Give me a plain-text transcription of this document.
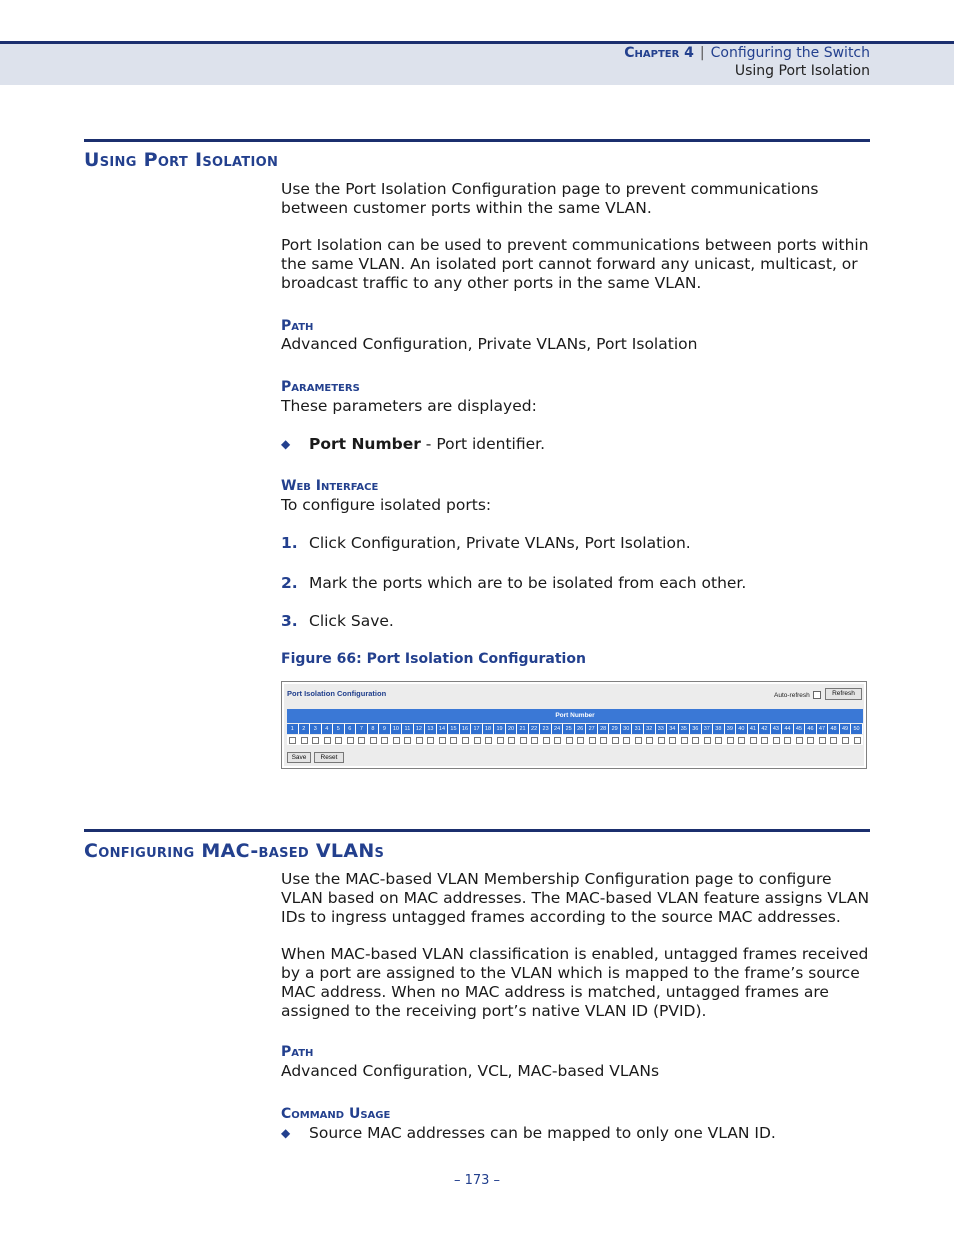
Chapter 4 | Configuring the Switch
Using Port Isolation
Using Port Isolation
Use the Port Isolation Configuration page to prevent communications between customer ports within the same VLAN.
Port Isolation can be used to prevent communications between ports within the same VLAN. An isolated port cannot forward any unicast, multicast, or broadcast traffic to any other ports in the same VLAN.
Path
Advanced Configuration, Private VLANs, Port Isolation
Parameters
These parameters are displayed:
◆ Port Number - Port identifier.
Web Interface
To configure isolated ports:
1. Click Configuration, Private VLANs, Port Isolation.
2. Mark the ports which are to be isolated from each other.
3. Click Save.
Figure 66: Port Isolation Configuration
Port Isolation Configuration	Auto-refresh	Refresh
Port Number
1	2	3	4	5	6	7	8	9	10	11	12 13 14 15 16 17 18 19 20 21 22 23 24 25 26 27 28 29 30 31 32 33 34 35 36 37 38 39 40 41 42 43 44 45 46 47 48 49 50
Save	Reset
Configuring MAC-based VLANs
Use the MAC-based VLAN Membership Configuration page to configure VLAN based on MAC addresses. The MAC-based VLAN feature assigns VLAN IDs to ingress untagged frames according to the source MAC addresses.
When MAC-based VLAN classification is enabled, untagged frames received by a port are assigned to the VLAN which is mapped to the frame’s source MAC address. When no MAC address is matched, untagged frames are assigned to the receiving port’s native VLAN ID (PVID).
Path
Advanced Configuration, VCL, MAC-based VLANs
Command Usage
◆ Source MAC addresses can be mapped to only one VLAN ID.
– 173 –
